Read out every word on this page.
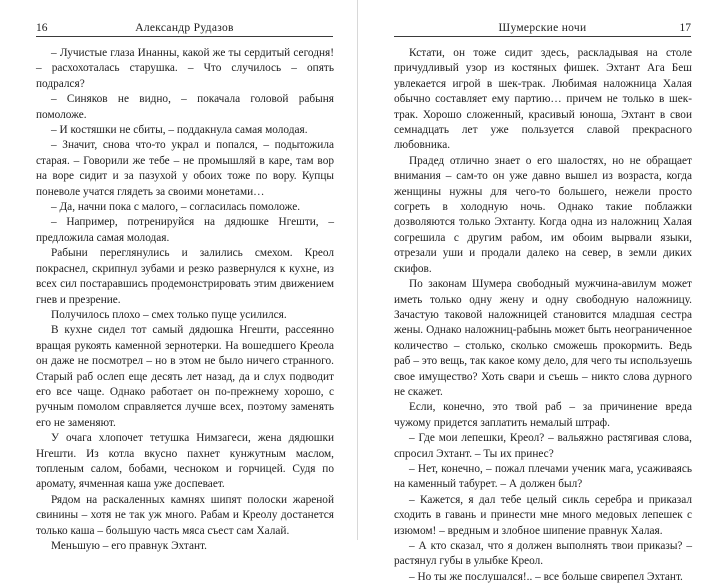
16	Александр Рудазов

– Лучистые глаза Инанны, какой же ты сердитый сегодня! – расхохоталась старушка. – Что случилось – опять подрался?

– Синяков не видно, – покачала головой рабыня помоложе.

– И костяшки не сбиты, – поддакнула самая молодая.

– Значит, снова что-то украл и попался, – подытожила старая. – Говорили же тебе – не промышляй в каре, там вор на воре сидит и за пазухой у обоих тоже по вору. Купцы поневоле учатся глядеть за своими монетами…

– Да, начни пока с малого, – согласилась помоложе.

– Например, потренируйся на дядюшке Нгешти, – предложила самая молодая.

Рабыни переглянулись и залились смехом. Креол покраснел, скрипнул зубами и резко развернулся к кухне, из всех сил постаравшись продемонстрировать этим движением гнев и презрение.

Получилось плохо – смех только пуще усилился.

В кухне сидел тот самый дядюшка Нгешти, рассеянно вращая рукоять каменной зернотерки. На вошедшего Креола он даже не посмотрел – но в этом не было ничего странного. Старый раб ослеп еще десять лет назад, да и слух подводит его все чаще. Однако работает он по-прежнему хорошо, с ручным помолом справляется лучше всех, поэтому заменять его не заменяют.

У очага хлопочет тетушка Нимзагеси, жена дядюшки Нгешти. Из котла вкусно пахнет кунжутным маслом, топленым салом, бобами, чесноком и горчицей. Судя по аромату, ячменная каша уже доспевает.

Рядом на раскаленных камнях шипят полоски жареной свинины – хотя не так уж много. Рабам и Креолу достанется только каша – большую часть мяса съест сам Халай.

Меньшую – его правнук Эхтант.

Шумерские ночи	17

Кстати, он тоже сидит здесь, раскладывая на столе причудливый узор из костяных фишек. Эхтант Ага Беш увлекается игрой в шек-трак. Любимая наложница Халая обычно составляет ему партию… причем не только в шек-трак. Хорошо сложенный, красивый юноша, Эхтант в свои семнадцать лет уже пользуется славой прекрасного любовника.

Прадед отлично знает о его шалостях, но не обращает внимания – сам-то он уже давно вышел из возраста, когда женщины нужны для чего-то большего, нежели просто согреть в холодную ночь. Однако такие поблажки дозволяются только Эхтанту. Когда одна из наложниц Халая согрешила с другим рабом, им обоим вырвали языки, отрезали уши и продали далеко на север, в земли диких скифов.

По законам Шумера свободный мужчина-авилум может иметь только одну жену и одну свободную наложницу. Зачастую таковой наложницей становится младшая сестра жены. Однако наложниц-рабынь может быть неограниченное количество – столько, сколько сможешь прокормить. Ведь раб – это вещь, так какое кому дело, для чего ты используешь свое имущество? Хоть свари и съешь – никто слова дурного не скажет.

Если, конечно, это твой раб – за причинение вреда чужому придется заплатить немалый штраф.

– Где мои лепешки, Креол? – вальяжно растягивая слова, спросил Эхтант. – Ты их принес?

– Нет, конечно, – пожал плечами ученик мага, усаживаясь на каменный табурет. – А должен был?

– Кажется, я дал тебе целый сикль серебра и приказал сходить в гавань и принести мне много медовых лепешек с изюмом! – вредным и злобное шипение правнук Халая.

– А кто сказал, что я должен выполнять твои приказы? – растянул губы в улыбке Креол.

– Но ты же послушался!.. – все больше свирепел Эхтант.
